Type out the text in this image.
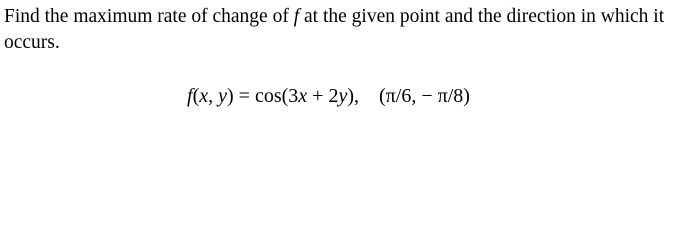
Find the maximum rate of change of f at the given point and the direction in which it occurs.
f(x, y) = cos(3x + 2y), (π/6, − π/8)
